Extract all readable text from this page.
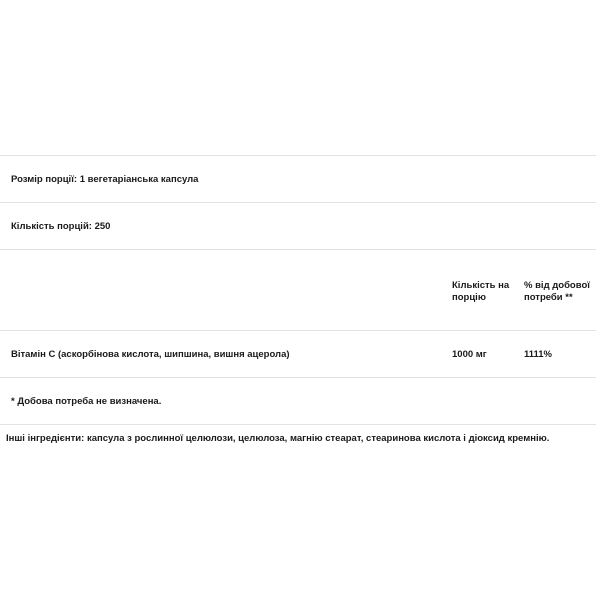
Розмір порції: 1 вегетаріанська капсула
Кількість порцій: 250
Кількість на порцію
% від добової потреби **
Вітамін С (аскорбінова кислота, шипшина, вишня ацерола)	1000 мг	1111%
* Добова потреба не визначена.
Інші інгредієнти: капсула з рослинної целюлози, целюлоза, магнію стеарат, стеаринова кислота і діоксид кремнію.
